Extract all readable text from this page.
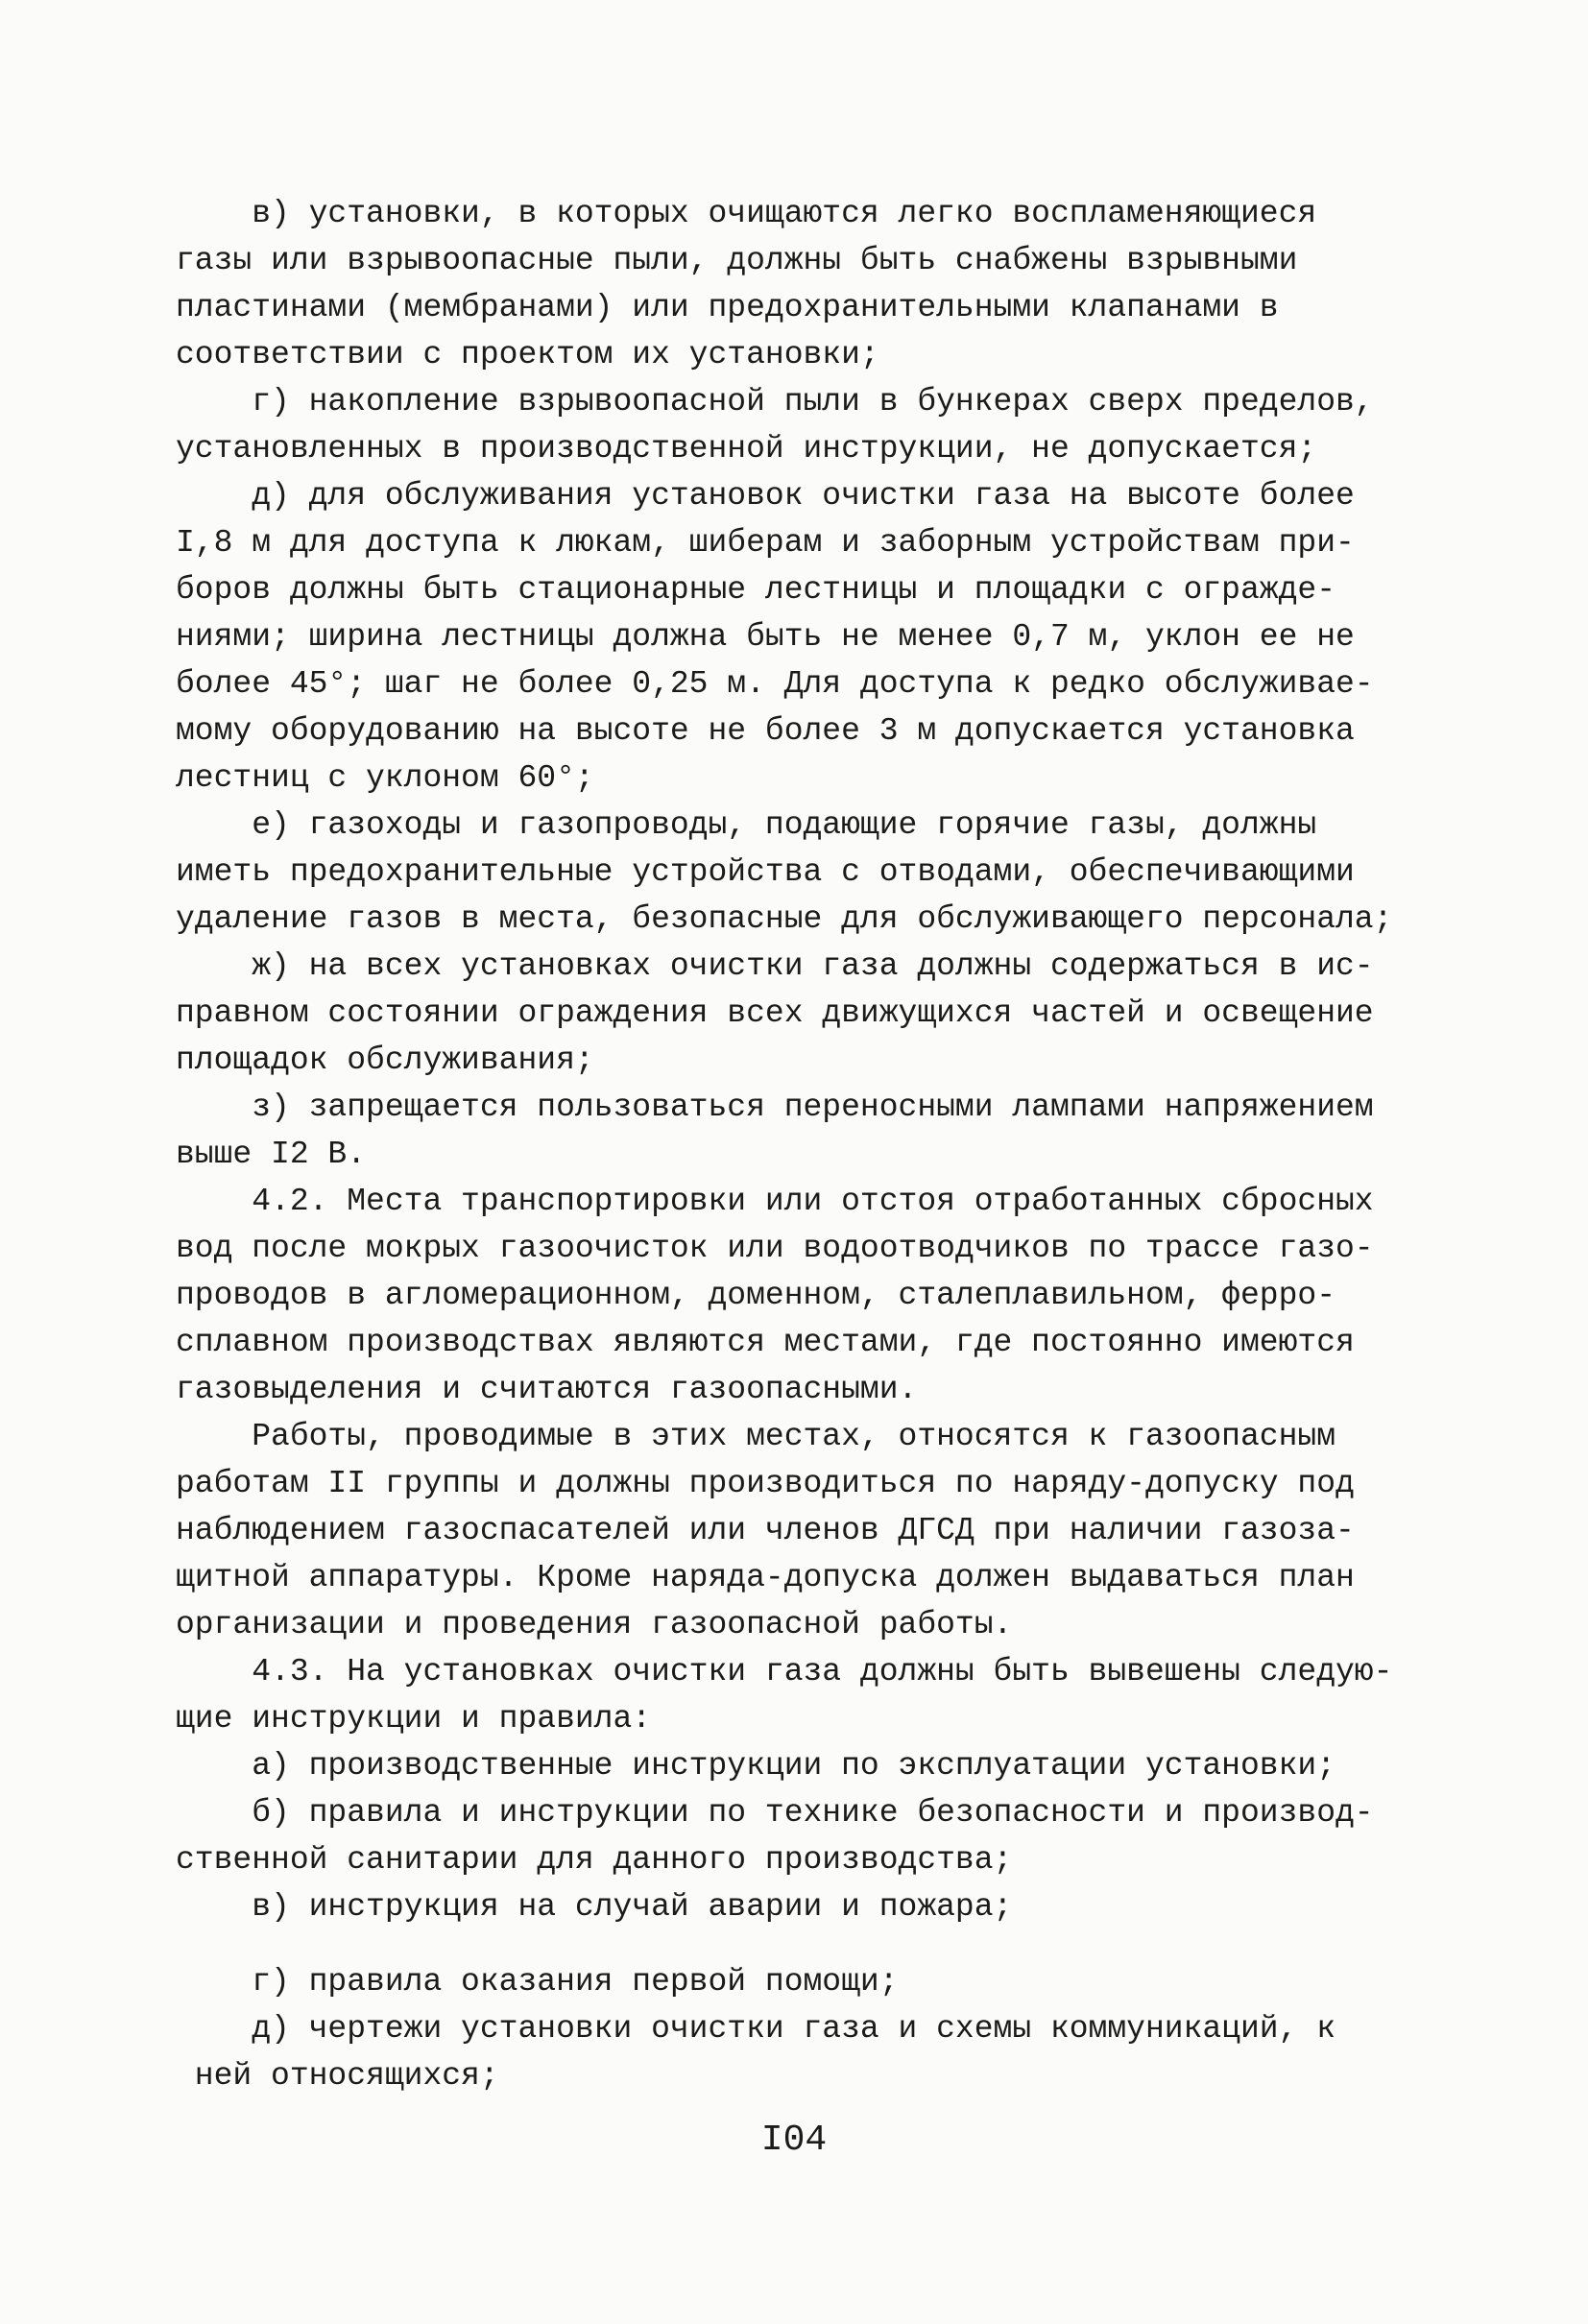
в) установки, в которых очищаются легко воспламеняющиеся
газы или взрывоопасные пыли, должны быть снабжены взрывными
пластинами (мембранами) или предохранительными клапанами в
соответствии с проектом их установки;
г) накопление взрывоопасной пыли в бункерах сверх пределов,
установленных в производственной инструкции, не допускается;
д) для обслуживания установок очистки газа на высоте более
I,8 м для доступа к люкам, шиберам и заборным устройствам при-
боров должны быть стационарные лестницы и площадки с огражде-
ниями; ширина лестницы должна быть не менее 0,7 м, уклон ее не
более 45°; шаг не более 0,25 м. Для доступа к редко обслуживае-
мому оборудованию на высоте не более 3 м допускается установка
лестниц с уклоном 60°;
е) газоходы и газопроводы, подающие горячие газы, должны
иметь предохранительные устройства с отводами, обеспечивающими
удаление газов в места, безопасные для обслуживающего персонала;
ж) на всех установках очистки газа должны содержаться в ис-
правном состоянии ограждения всех движущихся частей и освещение
площадок обслуживания;
з) запрещается пользоваться переносными лампами напряжением
выше I2 В.
4.2. Места транспортировки или отстоя отработанных сбросных
вод после мокрых газоочисток или водоотводчиков по трассе газо-
проводов в агломерационном, доменном, сталеплавильном, ферро-
сплавном производствах являются местами, где постоянно имеются
газовыделения и считаются газоопасными.
Работы, проводимые в этих местах, относятся к газоопасным
работам II группы и должны производиться по наряду-допуску под
наблюдением газоспасателей или членов ДГСД при наличии газоза-
щитной аппаратуры. Кроме наряда-допуска должен выдаваться план
организации и проведения газоопасной работы.
4.3. На установках очистки газа должны быть вывешены следую-
щие инструкции и правила:
а) производственные инструкции по эксплуатации установки;
б) правила и инструкции по технике безопасности и производ-
ственной санитарии для данного производства;
в) инструкция на случай аварии и пожара;
г) правила оказания первой помощи;
д) чертежи установки очистки газа и схемы коммуникаций, к
ней относящихся;
I04
